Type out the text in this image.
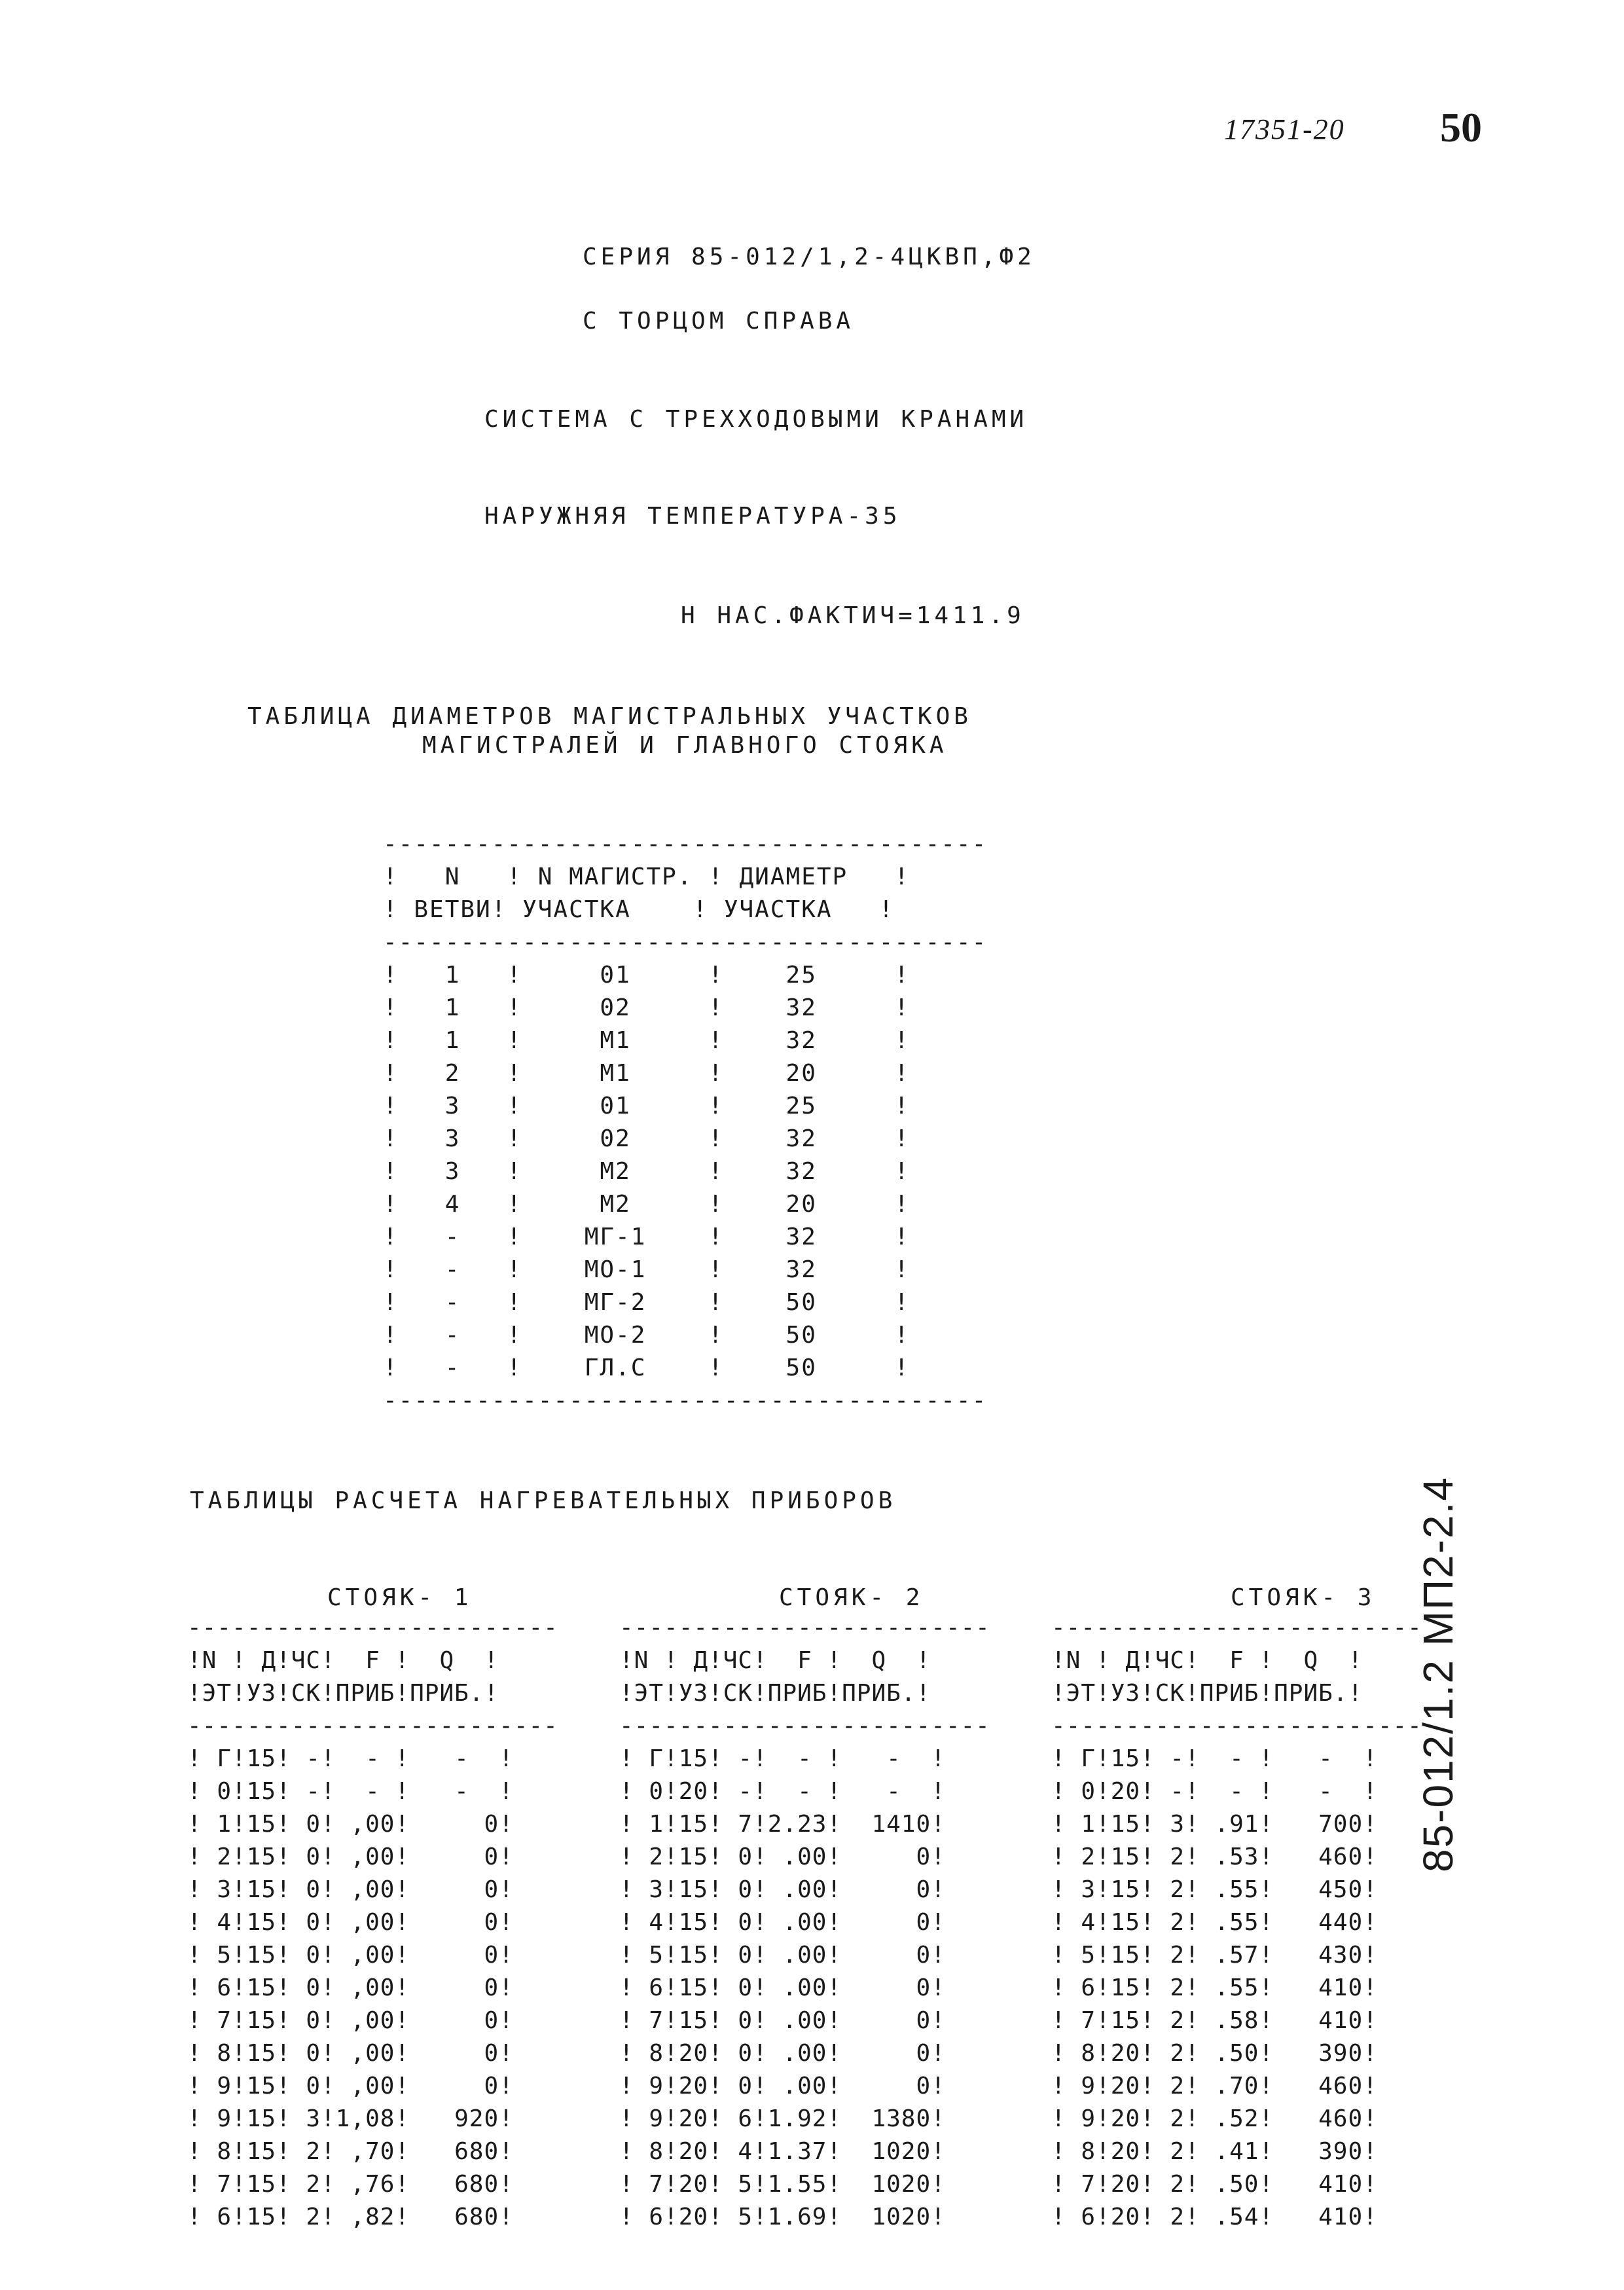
17351-20 50
СЕРИЯ 85-012/1,2-4ЦКВП,Ф2
С ТОРЦОМ СПРАВА
СИСТЕМА С ТРЕХХОДОВЫМИ КРАНАМИ
НАРУЖНЯЯ ТЕМПЕРАТУРА-35
Н НАС.ФАКТИЧ=1411.9
ТАБЛИЦА ДИАМЕТРОВ МАГИСТРАЛЬНЫХ УЧАСТКОВ
МАГИСТРАЛЕЙ И ГЛАВНОГО СТОЯКА
---------------------------------------
!   N   ! N МАГИСТР. ! ДИАМЕТР   !
! ВЕТВИ! УЧАСТКА    ! УЧАСТКА   !
---------------------------------------
!   1   !     01     !    25     !
!   1   !     02     !    32     !
!   1   !     М1     !    32     !
!   2   !     М1     !    20     !
!   3   !     01     !    25     !
!   3   !     02     !    32     !
!   3   !     М2     !    32     !
!   4   !     М2     !    20     !
!   -   !    МГ-1    !    32     !
!   -   !    МО-1    !    32     !
!   -   !    МГ-2    !    50     !
!   -   !    МО-2    !    50     !
!   -   !    ГЛ.С    !    50     !
---------------------------------------
ТАБЛИЦЫ РАСЧЕТА НАГРЕВАТЕЛЬНЫХ ПРИБОРОВ
СТОЯК- 1
-------------------------
!N ! Д!ЧС!  F !  Q  !
!ЭТ!УЗ!СК!ПРИБ!ПРИБ.!
-------------------------
! Г!15! -!  - !   -  !
! 0!15! -!  - !   -  !
! 1!15! 0! ,00!     0!
! 2!15! 0! ,00!     0!
! 3!15! 0! ,00!     0!
! 4!15! 0! ,00!     0!
! 5!15! 0! ,00!     0!
! 6!15! 0! ,00!     0!
! 7!15! 0! ,00!     0!
! 8!15! 0! ,00!     0!
! 9!15! 0! ,00!     0!
! 9!15! 3!1,08!   920!
! 8!15! 2! ,70!   680!
! 7!15! 2! ,76!   680!
! 6!15! 2! ,82!   680!
СТОЯК- 2
-------------------------
!N ! Д!ЧС!  F !  Q  !
!ЭТ!УЗ!СК!ПРИБ!ПРИБ.!
-------------------------
! Г!15! -!  - !   -  !
! 0!20! -!  - !   -  !
! 1!15! 7!2.23!  1410!
! 2!15! 0! .00!     0!
! 3!15! 0! .00!     0!
! 4!15! 0! .00!     0!
! 5!15! 0! .00!     0!
! 6!15! 0! .00!     0!
! 7!15! 0! .00!     0!
! 8!20! 0! .00!     0!
! 9!20! 0! .00!     0!
! 9!20! 6!1.92!  1380!
! 8!20! 4!1.37!  1020!
! 7!20! 5!1.55!  1020!
! 6!20! 5!1.69!  1020!
СТОЯК- 3
-------------------------
!N ! Д!ЧС!  F !  Q  !
!ЭТ!УЗ!СК!ПРИБ!ПРИБ.!
-------------------------
! Г!15! -!  - !   -  !
! 0!20! -!  - !   -  !
! 1!15! 3! .91!   700!
! 2!15! 2! .53!   460!
! 3!15! 2! .55!   450!
! 4!15! 2! .55!   440!
! 5!15! 2! .57!   430!
! 6!15! 2! .55!   410!
! 7!15! 2! .58!   410!
! 8!20! 2! .50!   390!
! 9!20! 2! .70!   460!
! 9!20! 2! .52!   460!
! 8!20! 2! .41!   390!
! 7!20! 2! .50!   410!
! 6!20! 2! .54!   410!
85-012/1.2 МП2-2.4
